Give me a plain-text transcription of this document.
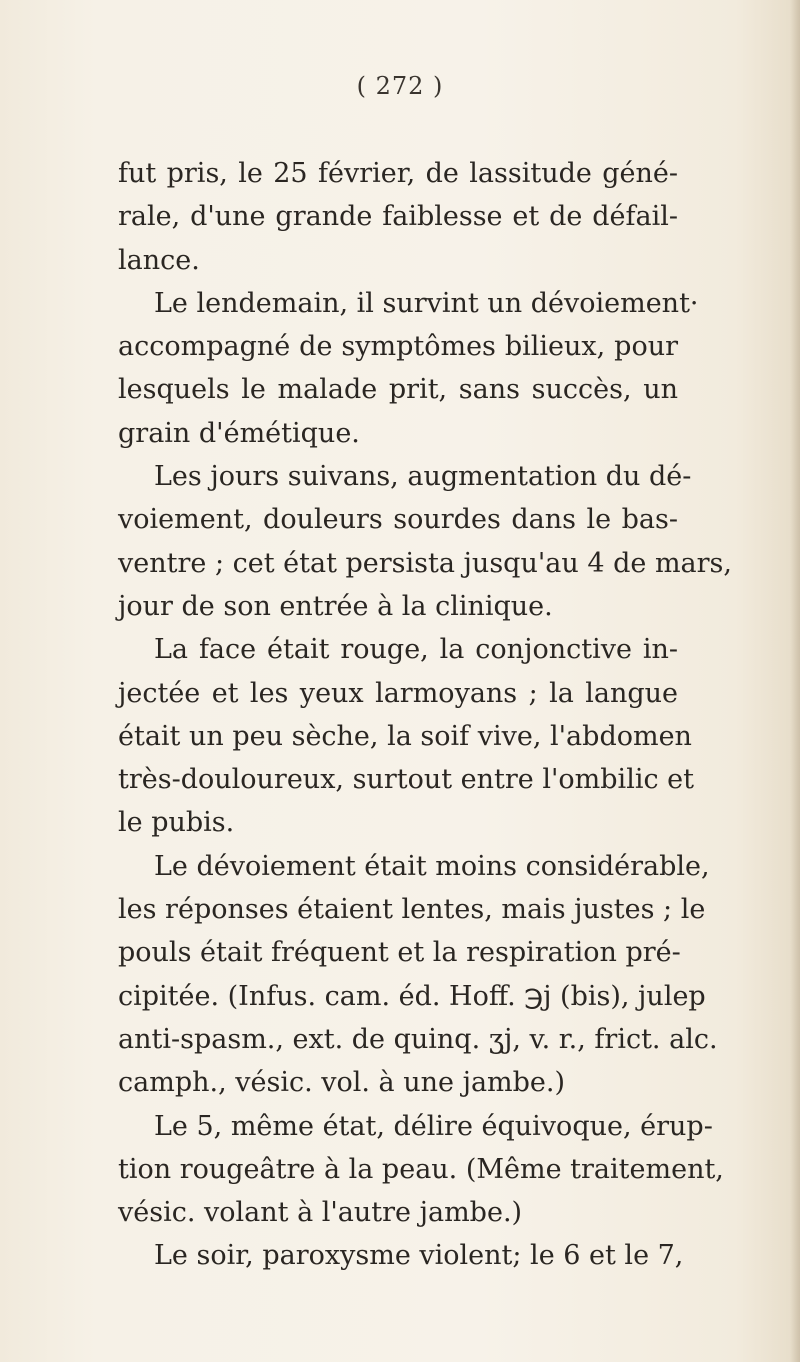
( 272 )
fut pris, le 25 février, de lassitude géné-
rale, d'une grande faiblesse et de défail-
lance.
Le lendemain, il survint un dévoiement·
accompagné de symptômes bilieux, pour
lesquels le malade prit, sans succès, un
grain d'émétique.
Les jours suivans, augmentation du dé-
voiement, douleurs sourdes dans le bas-
ventre ; cet état persista jusqu'au 4 de mars,
jour de son entrée à la clinique.
La face était rouge, la conjonctive in-
jectée et les yeux larmoyans ; la langue
était un peu sèche, la soif vive, l'abdomen
très-douloureux, surtout entre l'ombilic et
le pubis.
Le dévoiement était moins considérable,
les réponses étaient lentes, mais justes ; le
pouls était fréquent et la respiration pré-
cipitée. (Infus. cam. éd. Hoff. ℈j (bis), julep
anti-spasm., ext. de quinq. ʒj, v. r., frict. alc.
camph., vésic. vol. à une jambe.)
Le 5, même état, délire équivoque, érup-
tion rougeâtre à la peau. (Même traitement,
vésic. volant à l'autre jambe.)
Le soir, paroxysme violent; le 6 et le 7,
